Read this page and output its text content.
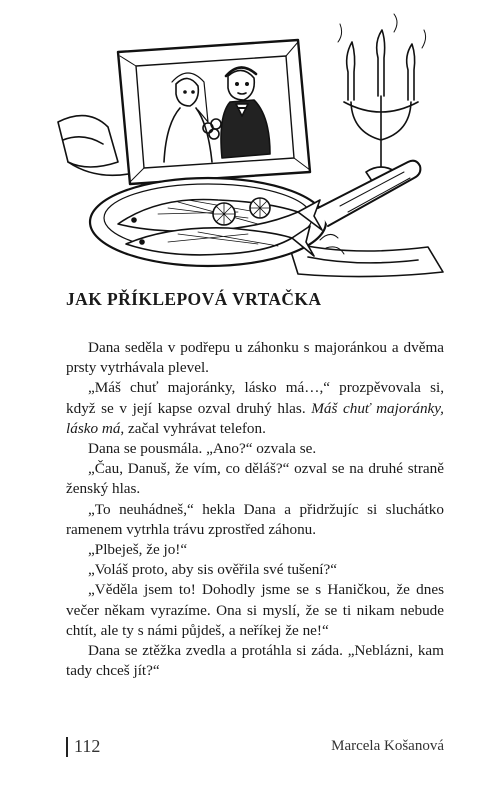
JAK PŘÍKLEPOVÁ VRTAČKA

Dana seděla v podřepu u záhonku s majoránkou a dvěma prsty vytrhávala plevel.

„Máš chuť majoránky, lásko má…,“ prozpěvovala si, když se v její kapse ozval druhý hlas. Máš chuť majoránky, lásko má, začal vyhrávat telefon.

Dana se pousmála. „Ano?“ ozvala se.

„Čau, Danuš, že vím, co děláš?“ ozval se na druhé straně ženský hlas.

„To neuhádneš,“ hekla Dana a přidržujíc si sluchátko ramenem vytrhla trávu zprostřed záhonu.

„Plbeješ, že jo!“

„Voláš proto, aby sis ověřila své tušení?“

„Věděla jsem to! Dohodly jsme se s Haničkou, že dnes večer někam vyrazíme. Ona si myslí, že se ti nikam nebude chtít, ale ty s námi půjdeš, a neříkej že ne!“

Dana se ztěžka zvedla a protáhla si záda. „Neblázni, kam tady chceš jít?“

112	Marcela Košanová
